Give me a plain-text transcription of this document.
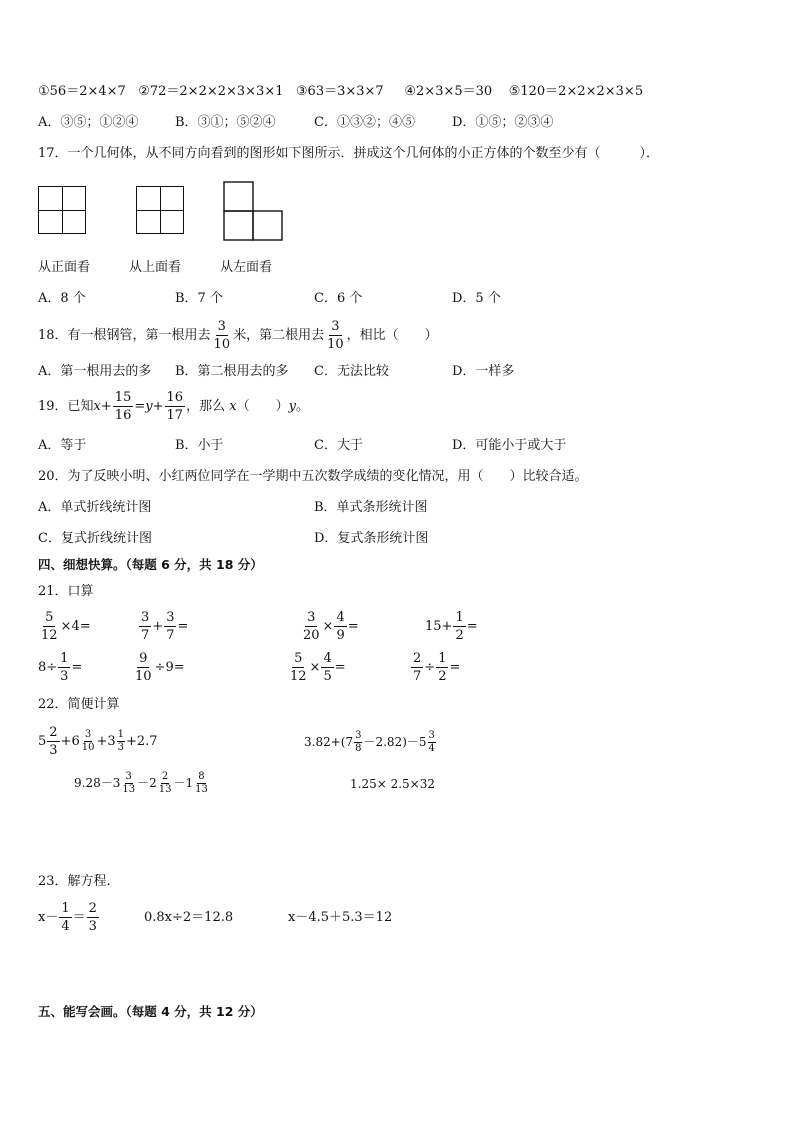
①56＝2×4×7 ②72＝2×2×2×3×3×1 ③63＝3×3×7 ④2×3×5＝30 ⑤120＝2×2×2×3×5
A．③⑤；①②④	B．③①；⑤②④	C．①③②；④⑤	D．①⑤；②③④
17．一个几何体，从不同方向看到的图形如下图所示．拼成这个几何体的小正方体的个数至少有（　　　）．
从正面看	从上面看	从左面看
A．8 个	B．7 个	C．6 个	D．5 个
18．有一根钢管，第一根用去 $\frac{3}{10}$ 米，第二根用去 $\frac{3}{10}$ ，相比（　　）
A．第一根用去的多 B．第二根用去的多 C．无法比较	D．一样多
19．已知$x+ \frac{15}{16} =y+ \frac{16}{17}$ ，那么 x（　　）y。
A．等于	B．小于	C．大于	D．可能小于或大于
20．为了反映小明、小红两位同学在一学期中五次数学成绩的变化情况，用（　　）比较合适。
A．单式折线统计图	B．单式条形统计图
C．复式折线统计图	D．复式条形统计图
四、细想快算。（每题 6 分，共 18 分）
21．口算
$\frac{5}{12} \times 4=$	$\frac{3}{7} + \frac{3}{7}$ =	$\frac{3}{20} \times \frac{4}{9}$ =	$15+ \frac{1}{2}$ =
$8\div \frac{1}{3}$ =	$\frac{9}{10} \div 9=$	$\frac{5}{12} \times \frac{4}{5}$ =	$\frac{2}{7} \div \frac{1}{2}$ =
22．简便计算
$5 \frac{2}{3} +6 \frac{3}{10} +3 \frac{1}{3} +2.7$	$3.82+(7 \frac{3}{8} -2.82)-5 \frac{3}{4}$
$9.28-3 \frac{3}{13} -2 \frac{2}{13} -1 \frac{8}{13}$	1.25× 2.5×32
23．解方程.
$x- \frac{1}{4} = \frac{2}{3}$	0.8x÷2＝12.8	x－4.5＋5.3＝12
五、能写会画。（每题 4 分，共 12 分）
